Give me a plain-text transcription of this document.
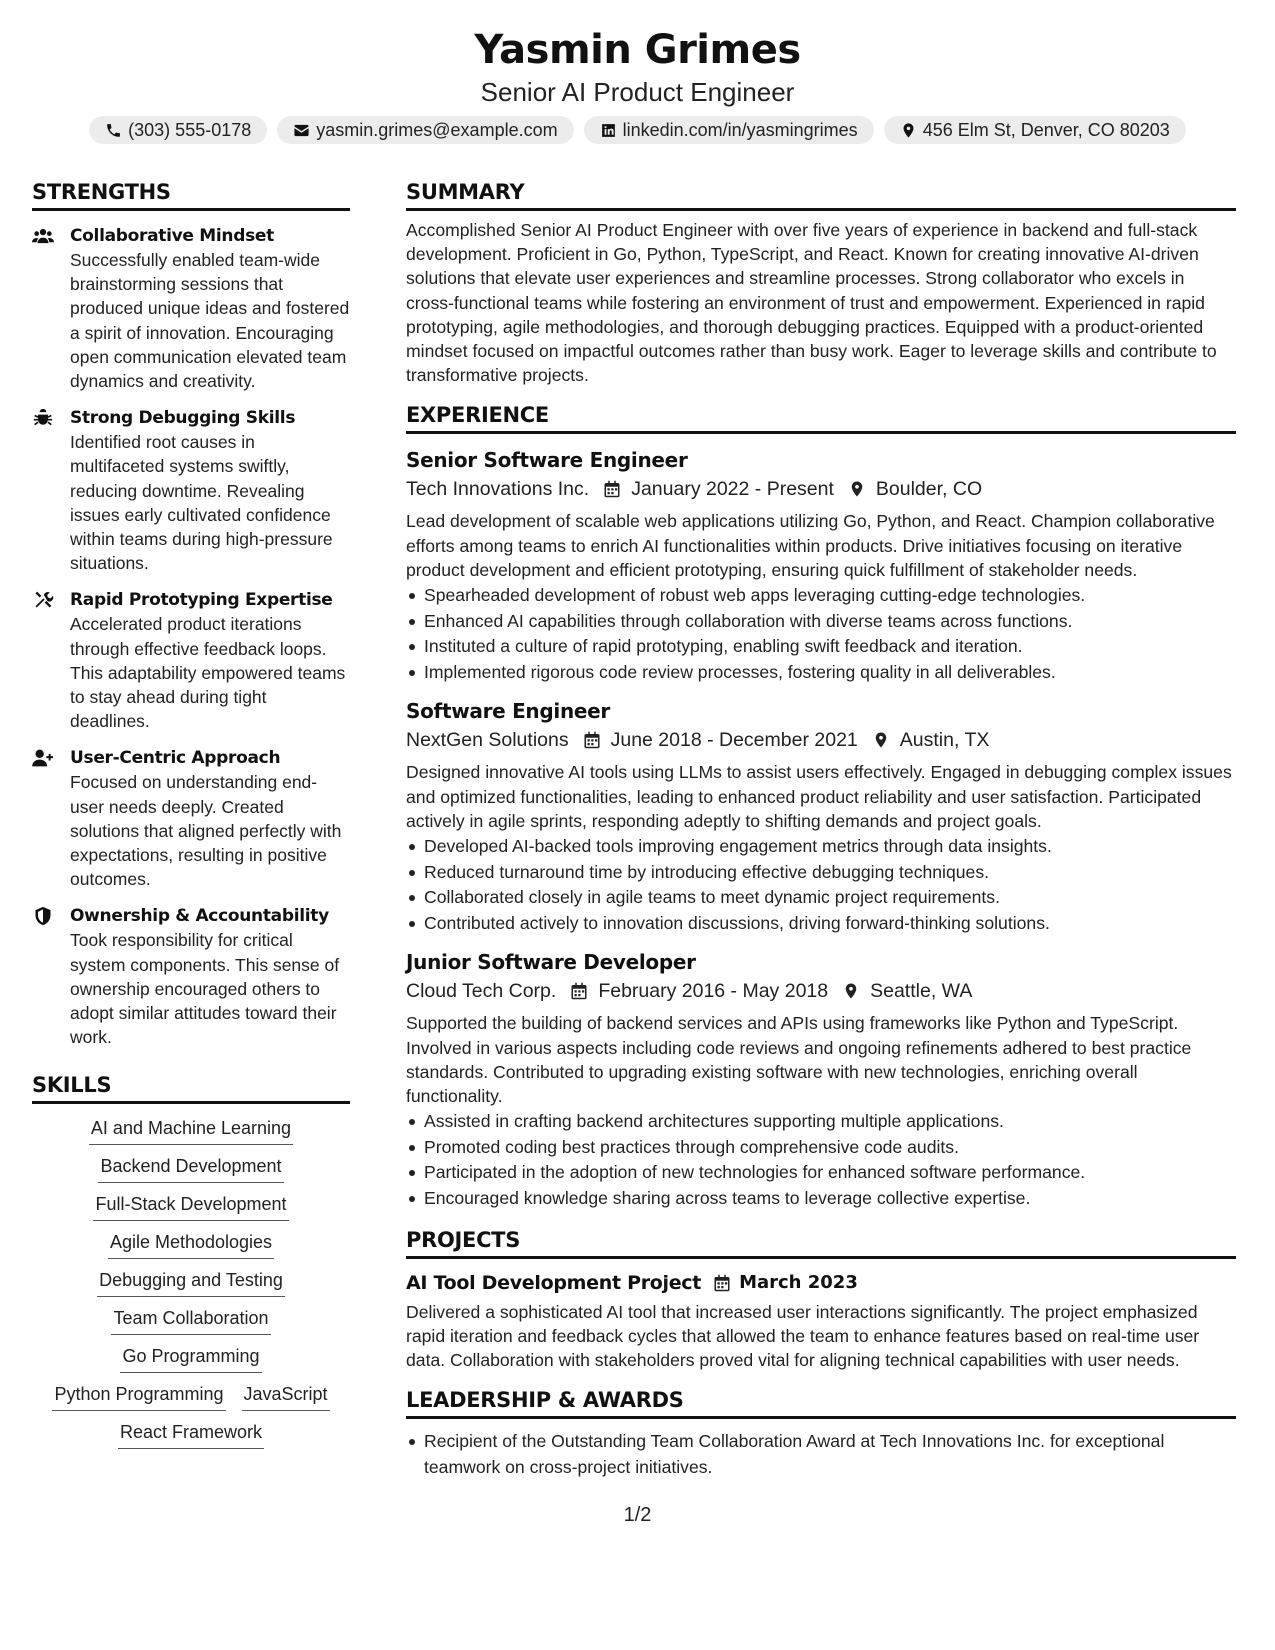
Yasmin Grimes
Senior AI Product Engineer
(303) 555-0178	yasmin.grimes@example.com	linkedin.com/in/yasmingrimes	456 Elm St, Denver, CO 80203
STRENGTHS
Collaborative Mindset
Successfully enabled team-wide brainstorming sessions that produced unique ideas and fostered a spirit of innovation. Encouraging open communication elevated team dynamics and creativity.
Strong Debugging Skills
Identified root causes in multifaceted systems swiftly, reducing downtime. Revealing issues early cultivated confidence within teams during high-pressure situations.
Rapid Prototyping Expertise
Accelerated product iterations through effective feedback loops. This adaptability empowered teams to stay ahead during tight deadlines.
User-Centric Approach
Focused on understanding end-user needs deeply. Created solutions that aligned perfectly with expectations, resulting in positive outcomes.
Ownership & Accountability
Took responsibility for critical system components. This sense of ownership encouraged others to adopt similar attitudes toward their work.
SKILLS
AI and Machine Learning
Backend Development
Full-Stack Development
Agile Methodologies
Debugging and Testing
Team Collaboration
Go Programming
Python Programming JavaScript
React Framework
SUMMARY
Accomplished Senior AI Product Engineer with over five years of experience in backend and full-stack development. Proficient in Go, Python, TypeScript, and React. Known for creating innovative AI-driven solutions that elevate user experiences and streamline processes. Strong collaborator who excels in cross-functional teams while fostering an environment of trust and empowerment. Experienced in rapid prototyping, agile methodologies, and thorough debugging practices. Equipped with a product-oriented mindset focused on impactful outcomes rather than busy work. Eager to leverage skills and contribute to transformative projects.
EXPERIENCE
Senior Software Engineer
Tech Innovations Inc. January 2022 - Present Boulder, CO
Lead development of scalable web applications utilizing Go, Python, and React. Champion collaborative efforts among teams to enrich AI functionalities within products. Drive initiatives focusing on iterative product development and efficient prototyping, ensuring quick fulfillment of stakeholder needs.
Spearheaded development of robust web apps leveraging cutting-edge technologies.
Enhanced AI capabilities through collaboration with diverse teams across functions.
Instituted a culture of rapid prototyping, enabling swift feedback and iteration.
Implemented rigorous code review processes, fostering quality in all deliverables.
Software Engineer
NextGen Solutions June 2018 - December 2021 Austin, TX
Designed innovative AI tools using LLMs to assist users effectively. Engaged in debugging complex issues and optimized functionalities, leading to enhanced product reliability and user satisfaction. Participated actively in agile sprints, responding adeptly to shifting demands and project goals.
Developed AI-backed tools improving engagement metrics through data insights.
Reduced turnaround time by introducing effective debugging techniques.
Collaborated closely in agile teams to meet dynamic project requirements.
Contributed actively to innovation discussions, driving forward-thinking solutions.
Junior Software Developer
Cloud Tech Corp. February 2016 - May 2018 Seattle, WA
Supported the building of backend services and APIs using frameworks like Python and TypeScript. Involved in various aspects including code reviews and ongoing refinements adhered to best practice standards. Contributed to upgrading existing software with new technologies, enriching overall functionality.
Assisted in crafting backend architectures supporting multiple applications.
Promoted coding best practices through comprehensive code audits.
Participated in the adoption of new technologies for enhanced software performance.
Encouraged knowledge sharing across teams to leverage collective expertise.
PROJECTS
AI Tool Development Project March 2023
Delivered a sophisticated AI tool that increased user interactions significantly. The project emphasized rapid iteration and feedback cycles that allowed the team to enhance features based on real-time user data. Collaboration with stakeholders proved vital for aligning technical capabilities with user needs.
LEADERSHIP & AWARDS
Recipient of the Outstanding Team Collaboration Award at Tech Innovations Inc. for exceptional teamwork on cross-project initiatives.
1/2
